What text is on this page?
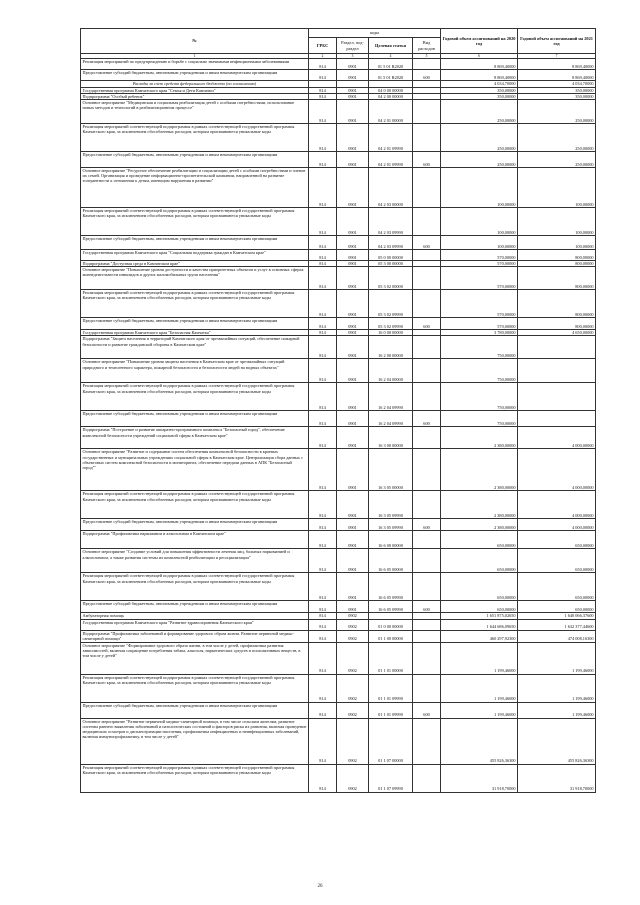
№	коды				Годовой объем ассигнований на 2020 год	Годовой объем ассигнований на 2021 год	
	ГРБС	Раздел, под-раздел	Целевая статья	Вид расходов			
1	2	3	4	5	6	7	
Реализация мероприятий по предупреждению и борьбе с социально значимыми инфекционными заболеваниями	814	0901	01 5 01 R2020		8 869,40000	8 869,40000	
Предоставление субсидий бюджетным, автономным учреждениям и иным некоммерческим организациям	814	0901	01 5 01 R2020	600	8 869,40000	8 869,40000	
Расходы за счет средств федерального бюджета (по соглашению)					4 034,70000	4 034,70000	
Государственная программа Камчатского края "Семья и Дети Камчатки"	814	0901	04 0 00 00000		350,00000	350,00000	
Подпрограмма "Особый ребенок"	814	0901	04 2 00 00000		350,00000	350,00000	
Основное мероприятие "Медицинская и социальная реабилитация детей с особыми потребностями, использование новых методов и технологий в реабилитационном процессе"	814	0901	04 2 01 00000		250,00000	250,00000	
Реализация мероприятий соответствующей подпрограммы в рамках соответствующей государственной программы Камчатского края, за исключением обособленных расходов, которым присваиваются уникальные коды	814	0901	04 2 01 09990		250,00000	250,00000	
Предоставление субсидий бюджетным, автономным учреждениям и иным некоммерческим организациям	814	0901	04 2 01 09990	600	250,00000	250,00000	
Основное мероприятие "Ресурсное обеспечение реабилитации и социализации детей с особыми потребностями и членов их семей. Организация и проведение информационно-просветительской кампании, направленной на развитие толерантности к отношении к детям, имеющим нарушения в развитии"	814	0901	04 2 03 00000		100,00000	100,00000	
Реализация мероприятий соответствующей подпрограммы в рамках соответствующей государственной программы Камчатского края, за исключением обособленных расходов, которым присваиваются уникальные коды	814	0901	04 2 03 09990		100,00000	100,00000	
Предоставление субсидий бюджетным, автономным учреждениям и иным некоммерческим организациям	814	0901	04 2 03 09990	600	100,00000	100,00000	
Государственная программа Камчатского края "Социальная поддержка граждан в Камчатском крае"	814	0901	05 0 00 00000		570,00000	800,00000	
Подпрограмма "Доступная среда в Камчатском крае"	814	0901	05 3 00 00000		570,00000	800,00000	
Основное мероприятие "Повышение уровня доступности и качества приоритетных объектов и услуг в основных сферах жизнедеятельности инвалидов и других маломобильных групп населения"	814	0901	05 3 02 00000		570,00000	800,00000	
Реализация мероприятий соответствующей подпрограммы в рамках соответствующей государственной программы Камчатского края, за исключением обособленных расходов, которым присваиваются уникальные коды	814	0901	05 3 02 09990		570,00000	800,00000	
Предоставление субсидий бюджетным, автономным учреждениям и иным некоммерческим организациям	814	0901	05 3 02 09990	600	570,00000	800,00000	
Государственная программа Камчатского края "Безопасная Камчатка"	814	0901	16 0 00 00000		3 780,00000	4 650,00000	
Подпрограмма "Защита населения и территорий Камчатского края от чрезвычайных ситуаций, обеспечение пожарной безопасности и развитие гражданской обороны в Камчатском крае"	814	0901	16 2 00 00000		750,00000		
Основное мероприятие "Повышение уровня защиты населения в Камчатском крае от чрезвычайных ситуаций природного и техногенного характера, пожарной безопасности и безопасности людей на водных объектах"	814	0901	16 2 04 00000		750,00000		
Реализация мероприятий соответствующей подпрограммы в рамках соответствующей государственной программы Камчатского края, за исключением обособленных расходов, которым присваиваются уникальные коды	814	0901	16 2 04 09990		750,00000		
Предоставление субсидий бюджетным, автономным учреждениям и иным некоммерческим организациям	814	0901	16 2 04 09990	600	750,00000		
Подпрограмма "Построение и развитие аппаратно-программного комплекса "Безопасный город", обеспечение комплексной безопасности учреждений социальной сферы в Камчатском крае"	814	0901	16 3 00 00000		2 380,00000	4 000,00000	
Основное мероприятие "Развитие и содержание систем обеспечения комплексной безопасности в краевых государственных и муниципальных учреждениях социальной сферы в Камчатском крае. Централизация сбора данных с объектовых систем комплексной безопасности и мониторинга, обеспечение передачи данных в АПК "Безопасный город""	814	0901	16 3 05 00000		2 380,00000	4 000,00000	
Реализация мероприятий соответствующей подпрограммы в рамках соответствующей государственной программы Камчатского края, за исключением обособленных расходов, которым присваиваются уникальные коды	814	0901	16 3 05 09990		2 380,00000	4 000,00000	
Предоставление субсидий бюджетным, автономным учреждениям и иным некоммерческим организациям	814	0901	16 3 05 09990	600	2 380,00000	4 000,00000	
Подпрограмма "Профилактика наркомании и алкоголизма в Камчатском крае"	814	0901	16 6 00 00000		650,00000	650,00000	
Основное мероприятие "Создание условий для повышения эффективности лечения лиц, больных наркоманией и алкоголизмом, а также развития системы их комплексной реабилитации и ресоциализации"	814	0901	16 6 05 00000		650,00000	650,00000	
Реализация мероприятий соответствующей подпрограммы в рамках соответствующей государственной программы Камчатского края, за исключением обособленных расходов, которым присваиваются уникальные коды	814	0901	16 6 05 09990		650,00000	650,00000	
Предоставление субсидий бюджетным, автономным учреждениям и иным некоммерческим организациям	814	0901	16 6 05 09990	600	650,00000	650,00000	
Амбулаторная помощь	814	0902			1 651 875,02650	1 640 066,37600	
Государственная программа Камчатского края "Развитие здравоохранения Камчатского края"	814	0902	01 0 00 00000		1 644 686,09650	1 632 377,44600	
Подпрограмма "Профилактика заболеваний и формирование здорового образа жизни. Развитие первичной медико-санитарной помощи"	814	0902	01 1 00 00000		460 297,92300	474 008,16300	
Основное мероприятие "Формирование здорового образа жизни, в том числе у детей, профилактика развития зависимостей, включая сокращение потребления табака, алкоголя, наркотических средств и психоактивных веществ, в том числе у детей"	814	0902	01 1 01 00000		1 199,46000	1 199,46000	
Реализация мероприятий соответствующей подпрограммы в рамках соответствующей государственной программы Камчатского края, за исключением обособленных расходов, которым присваиваются уникальные коды	814	0902	01 1 01 09990		1 199,46000	1 199,46000	
Предоставление субсидий бюджетным, автономным учреждениям и иным некоммерческим организациям	814	0902	01 1 01 09990	600	1 199,46000	1 199,46000	
Основное мероприятие "Развитие первичной медико-санитарной помощи, в том числе сельским жителям, развитие системы раннего выявления заболеваний и патологических состояний и факторов риска их развития, включая проведение медицинских осмотров и диспансеризации населения, профилактика инфекционных и неинфекционных заболеваний, включая иммунопрофилактику, в том числе у детей"	814	0902	01 1 07 00000		455 826,36300	455 826,36300	
Реализация мероприятий соответствующей подпрограммы в рамках соответствующей государственной программы Камчатского края, за исключением обособленных расходов, которым присваиваются уникальные коды	814	0902	01 1 07 09990		31 918,70000	31 918,70000	
26
